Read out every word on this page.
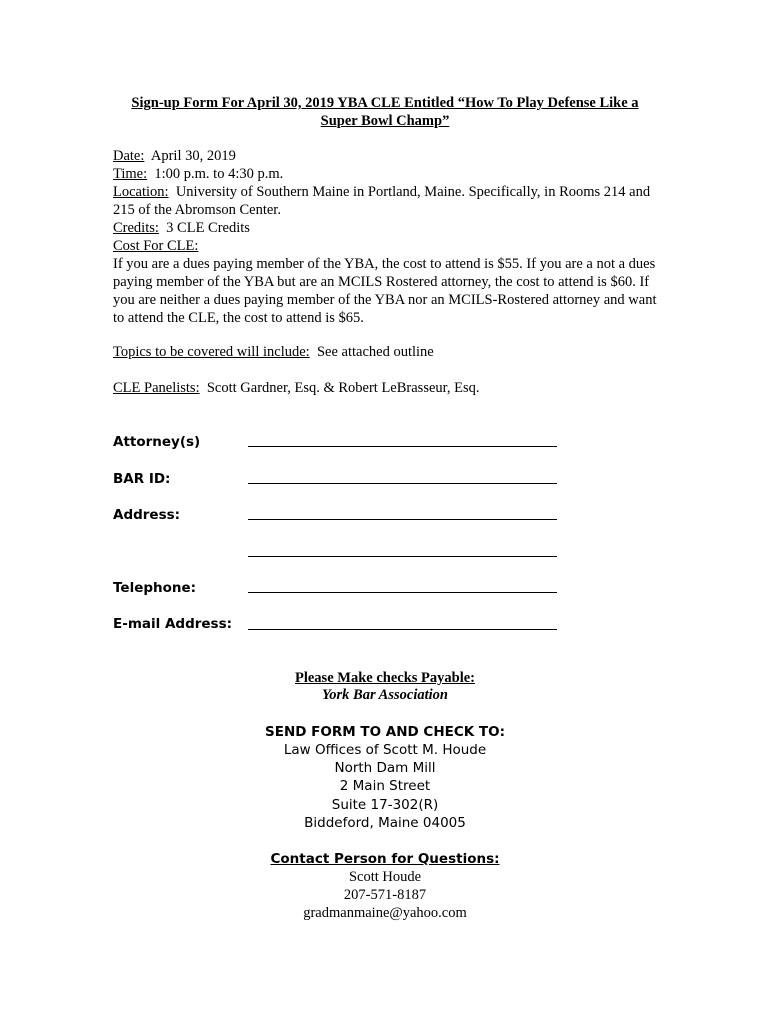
Sign-up Form For April 30, 2019 YBA CLE Entitled “How To Play Defense Like a Super Bowl Champ”

Date: April 30, 2019

Time: 1:00 p.m. to 4:30 p.m.

Location: University of Southern Maine in Portland, Maine. Specifically, in Rooms 214 and 215 of the Abromson Center.

Credits: 3 CLE Credits

Cost For CLE:

If you are a dues paying member of the YBA, the cost to attend is $55. If you are a not a dues paying member of the YBA but are an MCILS Rostered attorney, the cost to attend is $60. If you are neither a dues paying member of the YBA nor an MCILS-Rostered attorney and want to attend the CLE, the cost to attend is $65.

Topics to be covered will include: See attached outline
CLE Panelists: Scott Gardner, Esq. & Robert LeBrasseur, Esq.
Attorney(s)
BAR ID:
Address:
Telephone:
E-mail Address:
Please Make checks Payable:
York Bar Association
SEND FORM TO AND CHECK TO:
Law Offices of Scott M. Houde
North Dam Mill
2 Main Street
Suite 17-302(R)
Biddeford, Maine 04005
Contact Person for Questions:
Scott Houde
207-571-8187
gradmanmaine@yahoo.com
